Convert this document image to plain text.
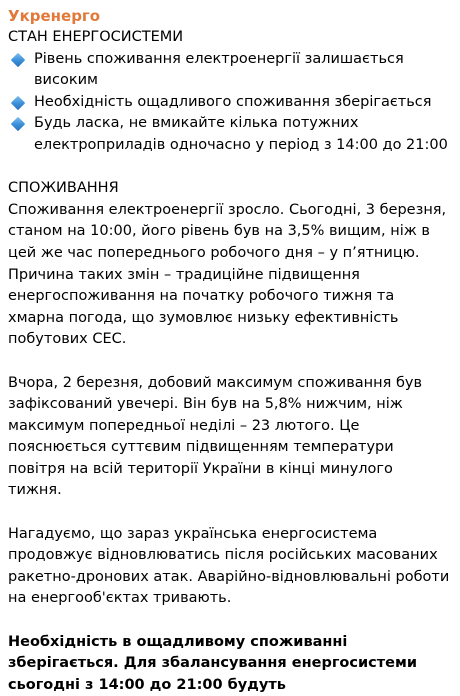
Укренерго

СТАН ЕНЕРГОСИСТЕМИ

Рівень споживання електроенергії залишається високим
Необхідність ощадливого споживання зберігається
Будь ласка, не вмикайте кілька потужних електроприладів одночасно у період з 14:00 до 21:00

СПОЖИВАННЯ

Споживання електроенергії зросло. Сьогодні, 3 березня, станом на 10:00, його рівень був на 3,5% вищим, ніж в цей же час попереднього робочого дня – у п’ятницю. Причина таких змін – традиційне підвищення енергоспоживання на початку робочого тижня та хмарна погода, що зумовлює низьку ефективність побутових СЕС.

Вчора, 2 березня, добовий максимум споживання був зафіксований увечері. Він був на 5,8% нижчим, ніж максимум попередньої неділі – 23 лютого. Це пояснюється суттєвим підвищенням температури повітря на всій території України в кінці минулого тижня.

Нагадуємо, що зараз українська енергосистема продовжує відновлюватись після російських масованих ракетно-дронових атак. Аварійно-відновлювальні роботи на енергооб'єктах тривають.

Необхідність в ощадливому споживанні зберігається. Для збалансування енергосистеми сьогодні з 14:00 до 21:00 будуть
